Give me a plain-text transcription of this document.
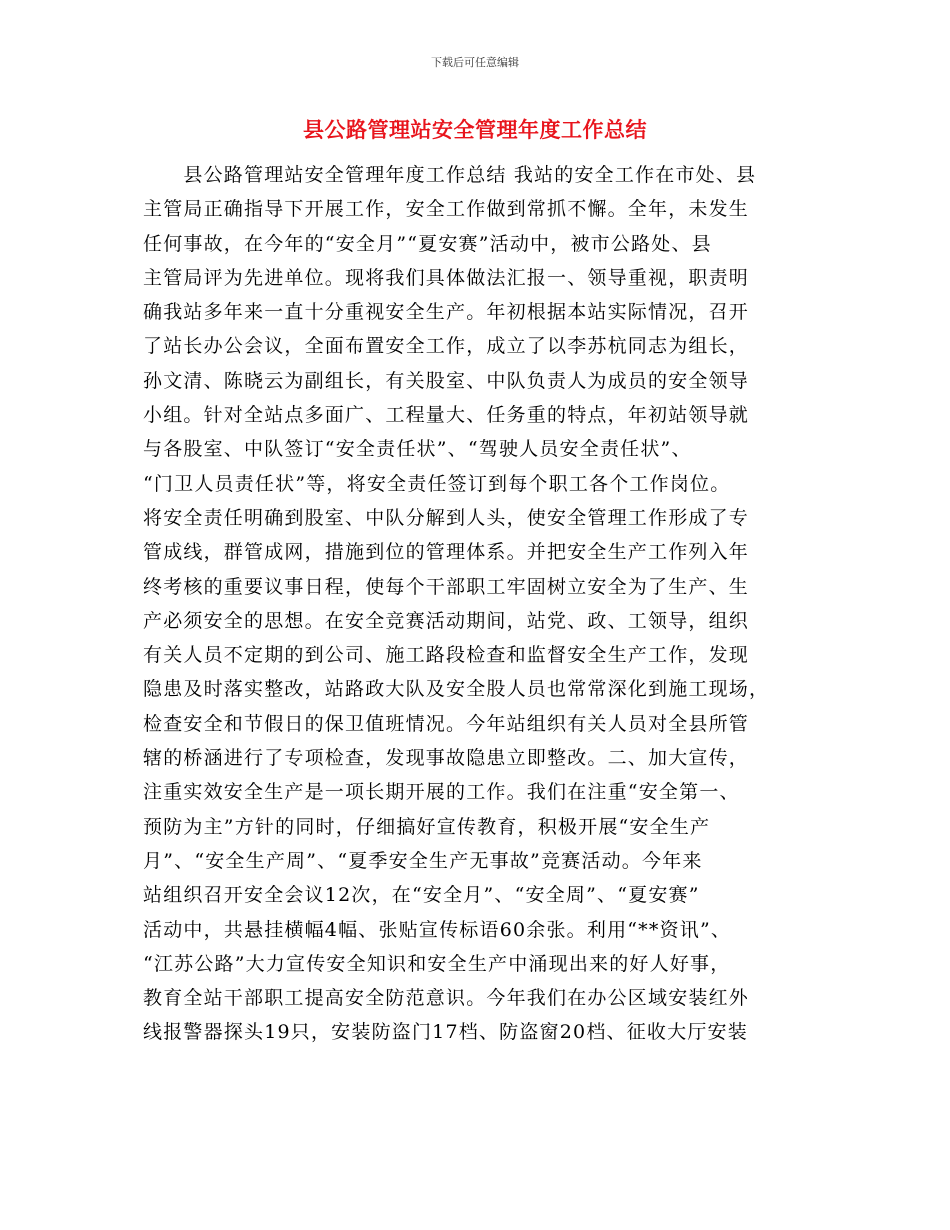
下载后可任意编辑
县公路管理站安全管理年度工作总结
　　县公路管理站安全管理年度工作总结 我站的安全工作在市处、县
主管局正确指导下开展工作，安全工作做到常抓不懈。全年，未发生
任何事故，在今年的“安全月”“夏安赛”活动中，被市公路处、县
主管局评为先进单位。现将我们具体做法汇报一、领导重视，职责明
确我站多年来一直十分重视安全生产。年初根据本站实际情况，召开
了站长办公会议，全面布置安全工作，成立了以李苏杭同志为组长，
孙文清、陈晓云为副组长，有关股室、中队负责人为成员的安全领导
小组。针对全站点多面广、工程量大、任务重的特点，年初站领导就
与各股室、中队签订“安全责任状”、“驾驶人员安全责任状”、
“门卫人员责任状”等，将安全责任签订到每个职工各个工作岗位。
将安全责任明确到股室、中队分解到人头，使安全管理工作形成了专
管成线，群管成网，措施到位的管理体系。并把安全生产工作列入年
终考核的重要议事日程，使每个干部职工牢固树立安全为了生产、生
产必须安全的思想。在安全竞赛活动期间，站党、政、工领导，组织
有关人员不定期的到公司、施工路段检查和监督安全生产工作，发现
隐患及时落实整改，站路政大队及安全股人员也常常深化到施工现场，
检查安全和节假日的保卫值班情况。今年站组织有关人员对全县所管
辖的桥涵进行了专项检查，发现事故隐患立即整改。二、加大宣传，
注重实效安全生产是一项长期开展的工作。我们在注重“安全第一、
预防为主”方针的同时，仔细搞好宣传教育，积极开展“安全生产
月”、“安全生产周”、“夏季安全生产无事故”竞赛活动。今年来
站组织召开安全会议12次，在“安全月”、“安全周”、“夏安赛”
活动中，共悬挂横幅4幅、张贴宣传标语60余张。利用“**资讯”、
“江苏公路”大力宣传安全知识和安全生产中涌现出来的好人好事，
教育全站干部职工提高安全防范意识。今年我们在办公区域安装红外
线报警器探头19只，安装防盗门17档、防盗窗20档、征收大厅安装
